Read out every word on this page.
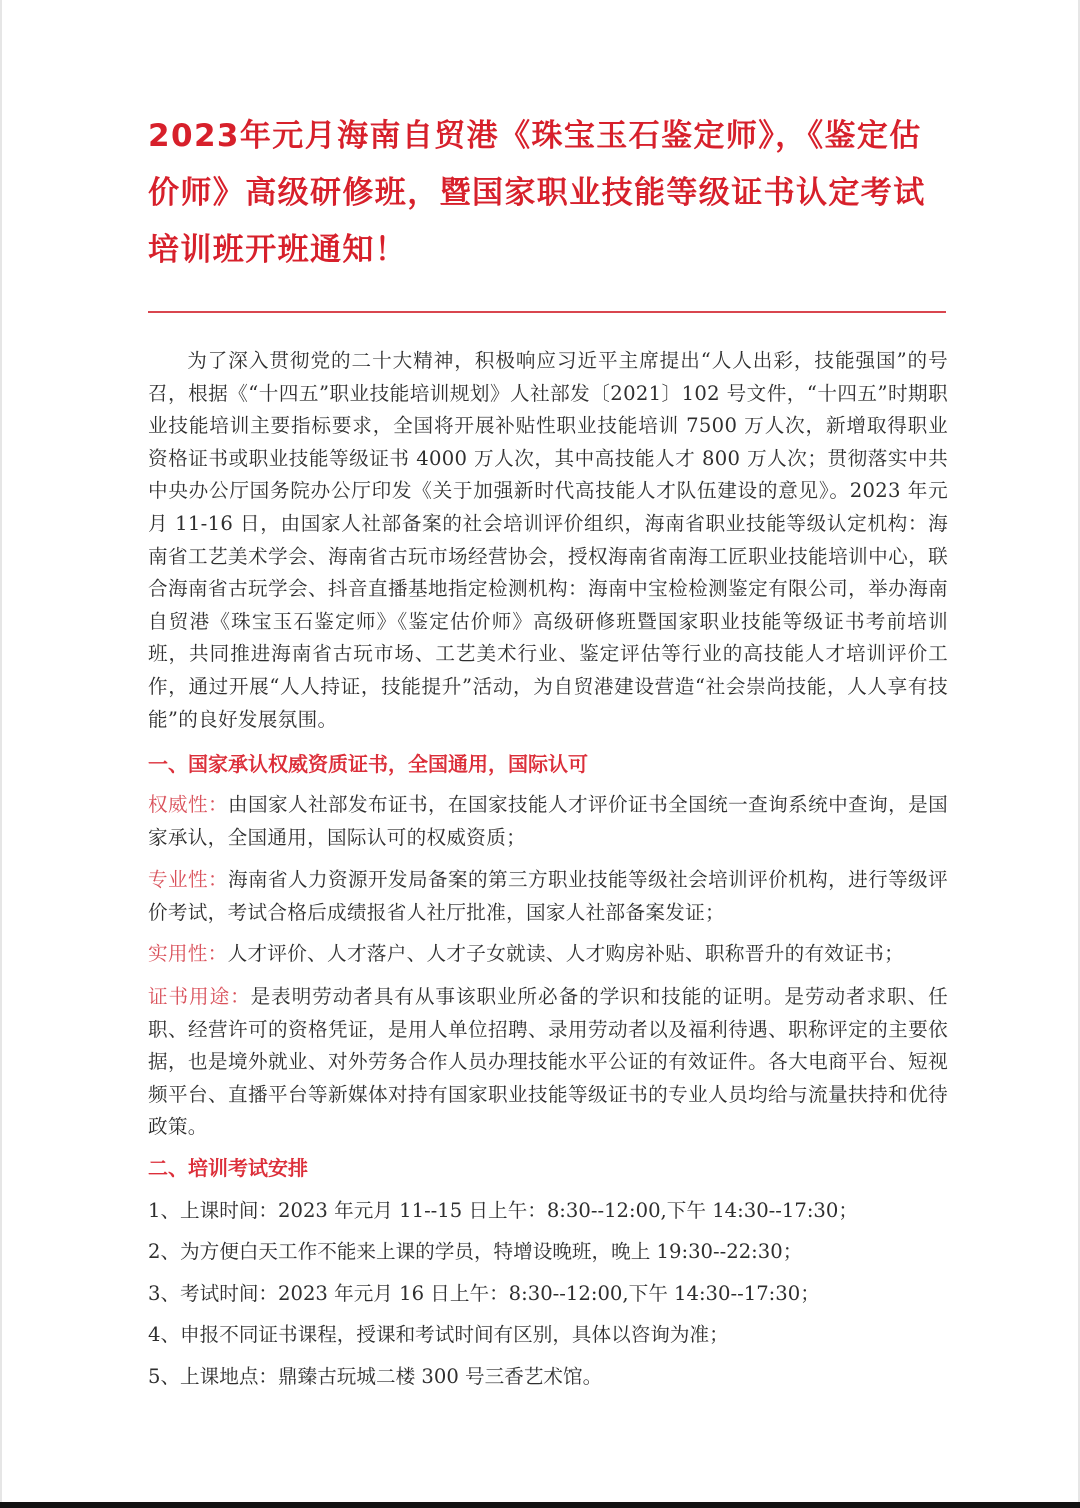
2023年元月海南自贸港《珠宝玉石鉴定师》，《鉴定估价师》高级研修班，暨国家职业技能等级证书认定考试培训班开班通知！

为了深入贯彻党的二十大精神，积极响应习近平主席提出“人人出彩，技能强国”的号召，根据《“十四五”职业技能培训规划》人社部发〔2021〕102 号文件，“十四五”时期职业技能培训主要指标要求，全国将开展补贴性职业技能培训 7500 万人次，新增取得职业资格证书或职业技能等级证书 4000 万人次，其中高技能人才 800 万人次；贯彻落实中共中央办公厅国务院办公厅印发《关于加强新时代高技能人才队伍建设的意见》。2023 年元月 11-16 日，由国家人社部备案的社会培训评价组织，海南省职业技能等级认定机构：海南省工艺美术学会、海南省古玩市场经营协会，授权海南省南海工匠职业技能培训中心，联合海南省古玩学会、抖音直播基地指定检测机构：海南中宝检检测鉴定有限公司，举办海南自贸港《珠宝玉石鉴定师》《鉴定估价师》高级研修班暨国家职业技能等级证书考前培训班，共同推进海南省古玩市场、工艺美术行业、鉴定评估等行业的高技能人才培训评价工作，通过开展“人人持证，技能提升”活动，为自贸港建设营造“社会崇尚技能，人人享有技能”的良好发展氛围。

一、国家承认权威资质证书，全国通用，国际认可

权威性：由国家人社部发布证书，在国家技能人才评价证书全国统一查询系统中查询，是国家承认，全国通用，国际认可的权威资质；

专业性：海南省人力资源开发局备案的第三方职业技能等级社会培训评价机构，进行等级评价考试，考试合格后成绩报省人社厅批准，国家人社部备案发证；

实用性：人才评价、人才落户、人才子女就读、人才购房补贴、职称晋升的有效证书；

证书用途：是表明劳动者具有从事该职业所必备的学识和技能的证明。是劳动者求职、任职、经营许可的资格凭证，是用人单位招聘、录用劳动者以及福利待遇、职称评定的主要依据，也是境外就业、对外劳务合作人员办理技能水平公证的有效证件。各大电商平台、短视频平台、直播平台等新媒体对持有国家职业技能等级证书的专业人员均给与流量扶持和优待政策。

二、培训考试安排

1、上课时间：2023 年元月 11--15 日上午：8:30--12:00,下午 14:30--17:30；

2、为方便白天工作不能来上课的学员，特增设晚班，晚上 19:30--22:30；

3、考试时间：2023 年元月 16 日上午：8:30--12:00,下午 14:30--17:30；

4、申报不同证书课程，授课和考试时间有区别，具体以咨询为准；

5、上课地点：鼎臻古玩城二楼 300 号三香艺术馆。
